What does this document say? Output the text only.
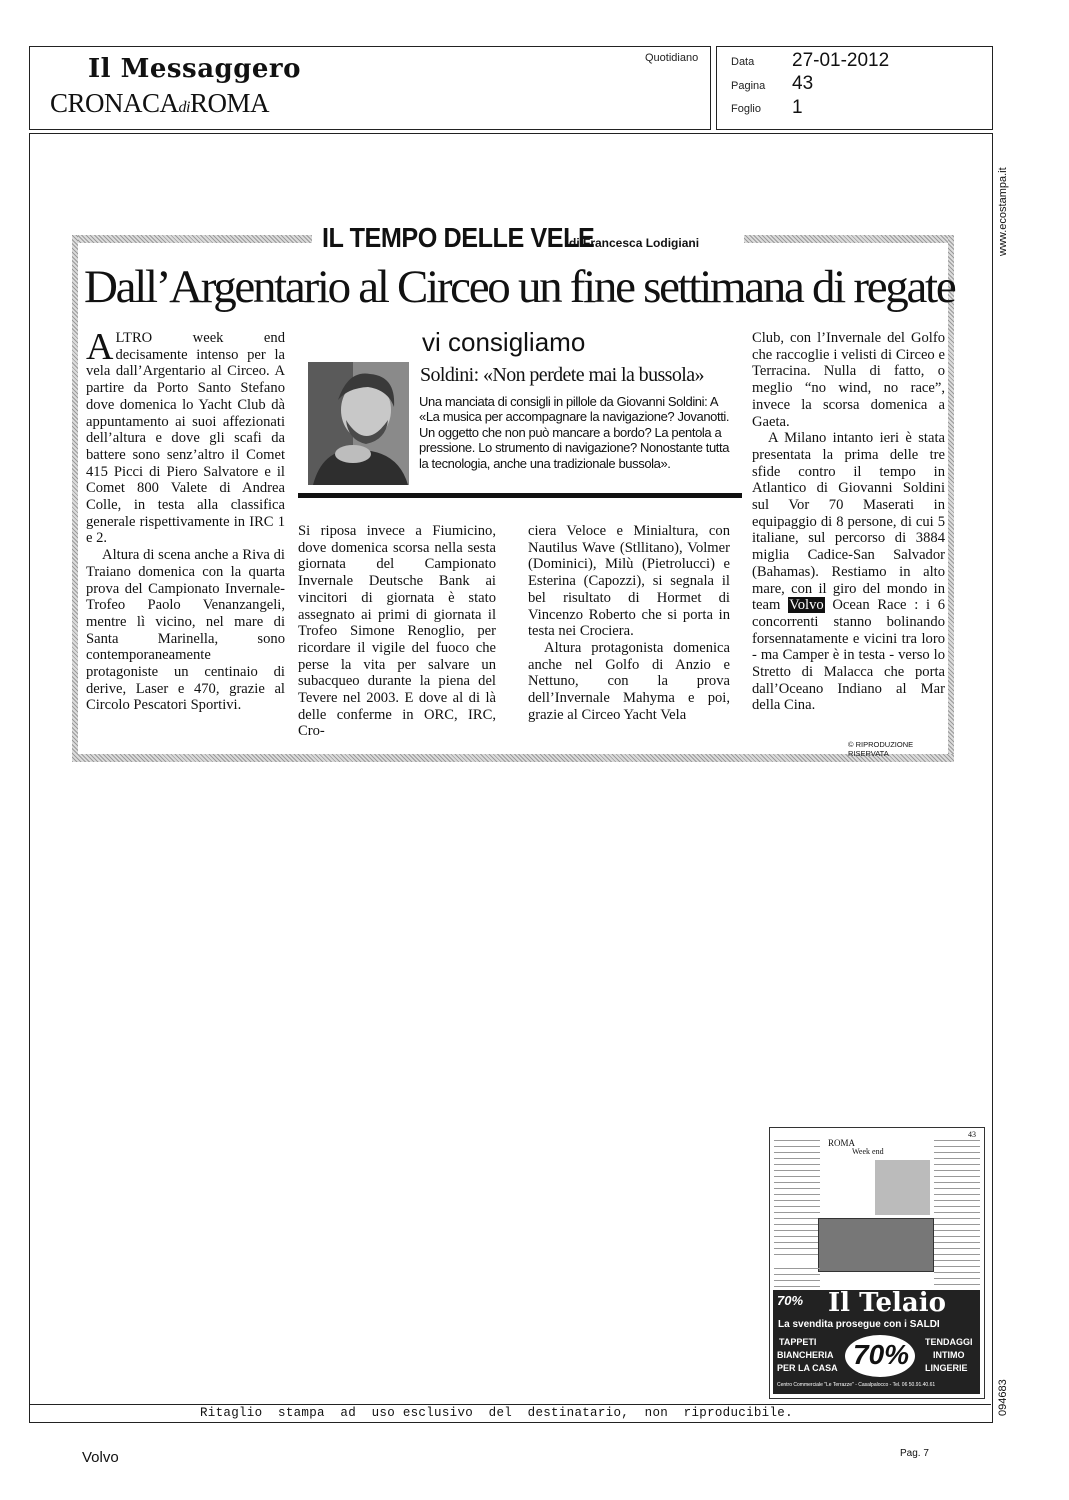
Il Messaggero
CRONACAdiROMA
Quotidiano	Data 27-01-2012
Pagina 43
Foglio 1
www.ecostampa.it
094683
IL TEMPO DELLE VELE
di Francesca Lodigiani
Dall’Argentario al Circeo un fine settimana di regate

ALTRO week end decisamente intenso per la vela dall’Argentario al Circeo. A partire da Porto Santo Stefano dove domenica lo Yacht Club dà appuntamento ai suoi affezionati dell’altura e dove gli scafi da battere sono senz’altro il Comet 415 Picci di Piero Salvatore e il Comet 800 Valete di Andrea Colle, in testa alla classifica generale rispettivamente in IRC 1 e 2.

Altura di scena anche a Riva di Traiano domenica con la quarta prova del Campionato Invernale-Trofeo Paolo Venanzangeli, mentre lì vicino, nel mare di Santa Marinella, sono contemporaneamente protagoniste un centinaio di derive, Laser e 470, grazie al Circolo Pescatori Sportivi.

vi consigliamo
Soldini: «Non perdete mai la bussola»
Una manciata di consigli in pillole da Giovanni Soldini: A «La musica per accompagnare la navigazione? Jovanotti. Un oggetto che non può mancare a bordo? La pentola a pressione. Lo strumento di navigazione? Nonostante tutta la tecnologia, anche una tradizionale bussola».
Si riposa invece a Fiumicino, dove domenica scorsa nella sesta giornata del Campionato Invernale Deutsche Bank ai vincitori di giornata è stato assegnato ai primi di giornata il Trofeo Simone Renoglio, per ricordare il vigile del fuoco che perse la vita per salvare un subacqueo durante la piena del Tevere nel 2003. E dove al di là delle conferme in ORC, IRC, Cro-

ciera Veloce e Minialtura, con Nautilus Wave (Stllitano), Volmer (Dominici), Milù (Pietrolucci) e Esterina (Capozzi), si segnala il bel risultato di Hormet di Vincenzo Roberto che si porta in testa nei Crociera.

Altura protagonista domenica anche nel Golfo di Anzio e Nettuno, con la prova dell’Invernale Mahyma e poi, grazie al Circeo Yacht Vela

Club, con l’Invernale del Golfo che raccoglie i velisti di Circeo e Terracina. Nulla di fatto, o meglio “no wind, no race”, invece la scorsa domenica a Gaeta.

A Milano intanto ieri è stata presentata la prima delle tre sfide contro il tempo in Atlantico di Giovanni Soldini sul Vor 70 Maserati in equipaggio di 8 persone, di cui 5 italiane, sul percorso di 3884 miglia Cadice-San Salvador (Bahamas). Restiamo in alto mare, con il giro del mondo in team Volvo Ocean Race : i 6 concorrenti stanno bolinando forsennatamente e vicini tra loro - ma Camper è in testa - verso lo Stretto di Malacca che porta dall’Oceano Indiano al Mar della Cina.

© RIPRODUZIONE RISERVATA
43
ROMA
Week end
70% Il Telaio
La svendita prosegue con i SALDI
TAPPETI
BIANCHERIA
PER LA CASA 70% TENDAGGI
INTIMO
LINGERIE
Centro Commerciale "Le Terrazze" - Casalpalocco - Tel. 06 50.91.40.61
Ritaglio  stampa  ad  uso esclusivo  del  destinatario,  non  riproducibile.
Volvo	Pag. 7
